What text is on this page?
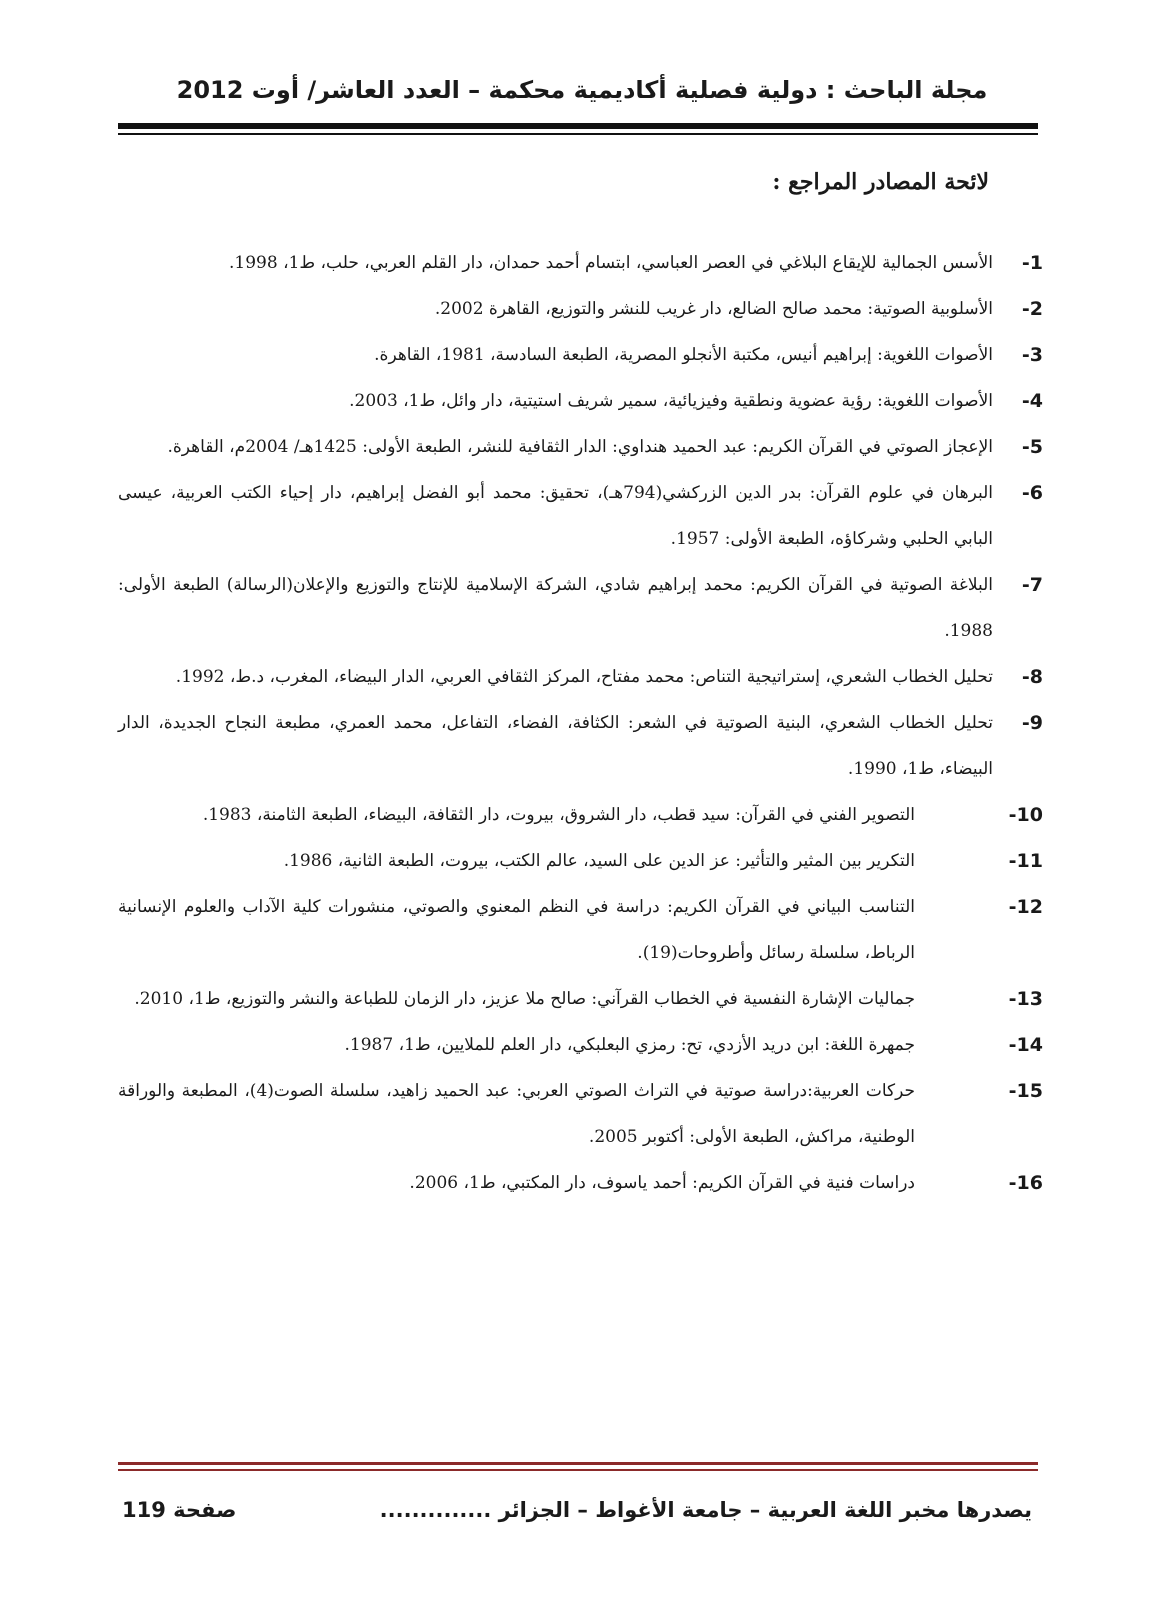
مجلة الباحث : دولية فصلية أكاديمية محكمة – العدد العاشر/ أوت 2012
لائحة المصادر المراجع :
-1
الأسس الجمالية للإيقاع البلاغي في العصر العباسي، ابتسام أحمد حمدان، دار القلم العربي، حلب، ط1، 1998.
-2
الأسلوبية الصوتية: محمد صالح الضالع، دار غريب للنشر والتوزيع، القاهرة 2002.
-3
الأصوات اللغوية: إبراهيم أنيس، مكتبة الأنجلو المصرية، الطبعة السادسة، 1981، القاهرة.
-4
الأصوات اللغوية: رؤية عضوية ونطقية وفيزيائية، سمير شريف استيتية، دار وائل، ط1، 2003.
-5
الإعجاز الصوتي في القرآن الكريم: عبد الحميد هنداوي: الدار الثقافية للنشر، الطبعة الأولى: 1425هـ/ 2004م، القاهرة.
-6
البرهان في علوم القرآن: بدر الدين الزركشي(794هـ)، تحقيق: محمد أبو الفضل إبراهيم، دار إحياء الكتب العربية، عيسى البابي الحلبي وشركاؤه، الطبعة الأولى: 1957.
-7
البلاغة الصوتية في القرآن الكريم: محمد إبراهيم شادي، الشركة الإسلامية للإنتاج والتوزيع والإعلان(الرسالة) الطبعة الأولى: 1988.
-8
تحليل الخطاب الشعري، إستراتيجية التناص: محمد مفتاح، المركز الثقافي العربي، الدار البيضاء، المغرب، د.ط، 1992.
-9
تحليل الخطاب الشعري، البنية الصوتية في الشعر: الكثافة، الفضاء، التفاعل، محمد العمري، مطبعة النجاح الجديدة، الدار البيضاء، ط1، 1990.
-10
التصوير الفني في القرآن: سيد قطب، دار الشروق، بيروت، دار الثقافة، البيضاء، الطبعة الثامنة، 1983.
-11
التكرير بين المثير والتأثير: عز الدين على السيد، عالم الكتب، بيروت، الطبعة الثانية، 1986.
-12
التناسب البياني في القرآن الكريم: دراسة في النظم المعنوي والصوتي، منشورات كلية الآداب والعلوم الإنسانية الرباط، سلسلة رسائل وأطروحات(19).
-13
جماليات الإشارة النفسية في الخطاب القرآني: صالح ملا عزيز، دار الزمان للطباعة والنشر والتوزيع، ط1، 2010.
-14
جمهرة اللغة: ابن دريد الأزدي، تح: رمزي البعلبكي، دار العلم للملايين، ط1، 1987.
-15
حركات العربية:دراسة صوتية في التراث الصوتي العربي: عبد الحميد زاهيد، سلسلة الصوت(4)، المطبعة والوراقة الوطنية، مراكش، الطبعة الأولى: أكتوبر 2005.
-16
دراسات فنية في القرآن الكريم: أحمد ياسوف، دار المكتبي، ط1، 2006.
يصدرها مخبر اللغة العربية – جامعة الأغواط – الجزائر ..............
صفحة 119
